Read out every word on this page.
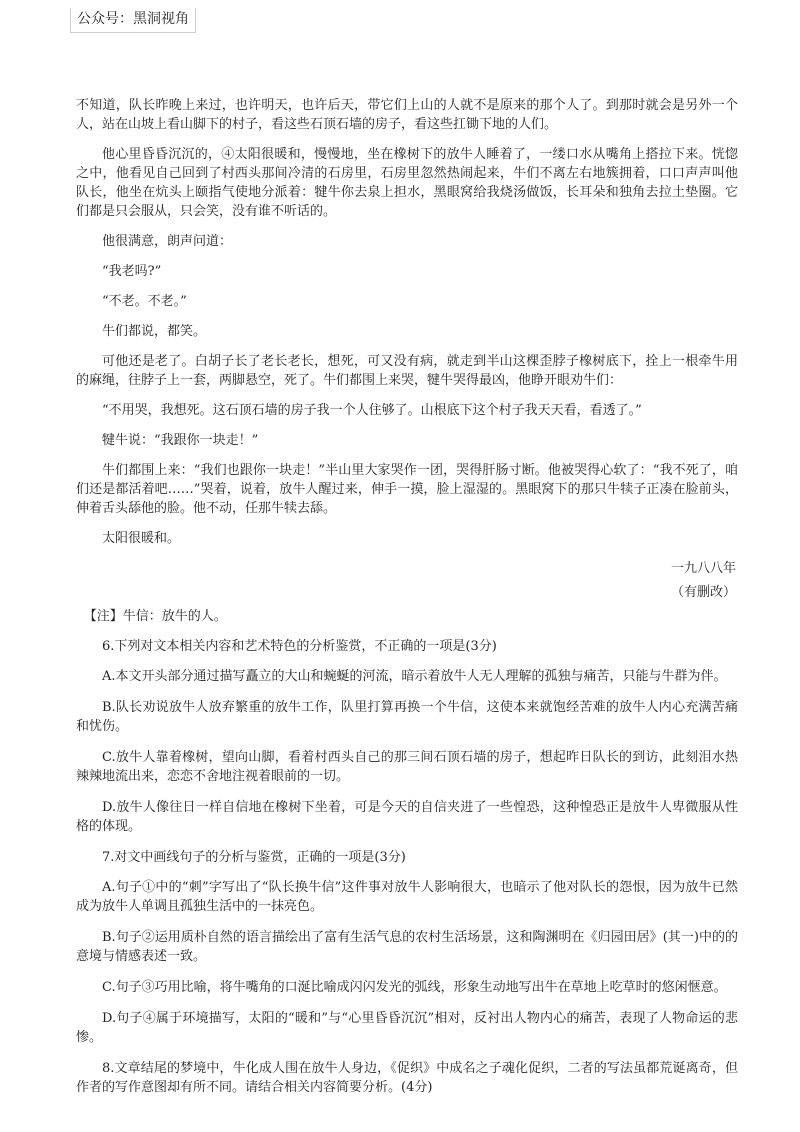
公众号：黑洞视角

不知道，队长昨晚上来过，也许明天，也许后天，带它们上山的人就不是原来的那个人了。到那时就会是另外一个人，站在山坡上看山脚下的村子，看这些石顶石墙的房子，看这些扛锄下地的人们。

他心里昏昏沉沉的，④太阳很暖和，慢慢地，坐在橡树下的放牛人睡着了，一缕口水从嘴角上搭拉下来。恍惚之中，他看见自己回到了村西头那间冷清的石房里，石房里忽然热闹起来，牛们不离左右地簇拥着，口口声声叫他队长，他坐在炕头上颐指气使地分派着：犍牛你去泉上担水，黑眼窝给我烧汤做饭，长耳朵和独角去拉土垫圈。它们都是只会服从，只会笑，没有谁不听话的。

他很满意，朗声问道：

“我老吗?”

“不老。不老。”

牛们都说，都笑。

可他还是老了。白胡子长了老长老长，想死，可又没有病，就走到半山这棵歪脖子橡树底下，拴上一根牵牛用的麻绳，往脖子上一套，两脚悬空，死了。牛们都围上来哭，犍牛哭得最凶，他睁开眼劝牛们：

“不用哭，我想死。这石顶石墙的房子我一个人住够了。山根底下这个村子我天天看，看透了。”

犍牛说：“我跟你一块走！”

牛们都围上来：“我们也跟你一块走！”半山里大家哭作一团，哭得肝肠寸断。他被哭得心软了：“我不死了，咱们还是都活着吧……”哭着，说着，放牛人醒过来，伸手一摸，脸上湿湿的。黑眼窝下的那只牛犊子正凑在脸前头，伸着舌头舔他的脸。他不动，任那牛犊去舔。

太阳很暖和。

一九八八年

（有删改）

【注】牛信：放牛的人。

6.下列对文本相关内容和艺术特色的分析鉴赏，不正确的一项是(3分)

A.本文开头部分通过描写矗立的大山和蜿蜒的河流，暗示着放牛人无人理解的孤独与痛苦，只能与牛群为伴。

B.队长劝说放牛人放弃繁重的放牛工作，队里打算再换一个牛信，这使本来就饱经苦难的放牛人内心充满苦痛和忧伤。

C.放牛人靠着橡树，望向山脚，看着村西头自己的那三间石顶石墙的房子，想起昨日队长的到访，此刻泪水热辣辣地流出来，恋恋不舍地注视着眼前的一切。

D.放牛人像往日一样自信地在橡树下坐着，可是今天的自信夹进了一些惶恐，这种惶恐正是放牛人卑微服从性格的体现。

7.对文中画线句子的分析与鉴赏，正确的一项是(3分)

A.句子①中的“刺”字写出了“队长换牛信”这件事对放牛人影响很大，也暗示了他对队长的怨恨，因为放牛已然成为放牛人单调且孤独生活中的一抹亮色。

B.句子②运用质朴自然的语言描绘出了富有生活气息的农村生活场景，这和陶渊明在《归园田居》(其一)中的的意境与情感表述一致。

C.句子③巧用比喻，将牛嘴角的口涎比喻成闪闪发光的弧线，形象生动地写出牛在草地上吃草时的悠闲惬意。

D.句子④属于环境描写，太阳的“暖和”与“心里昏昏沉沉”相对，反衬出人物内心的痛苦，表现了人物命运的悲惨。

8.文章结尾的梦境中，牛化成人围在放牛人身边，《促织》中成名之子魂化促织，二者的写法虽都荒诞离奇，但作者的写作意图却有所不同。请结合相关内容简要分析。(4分)
